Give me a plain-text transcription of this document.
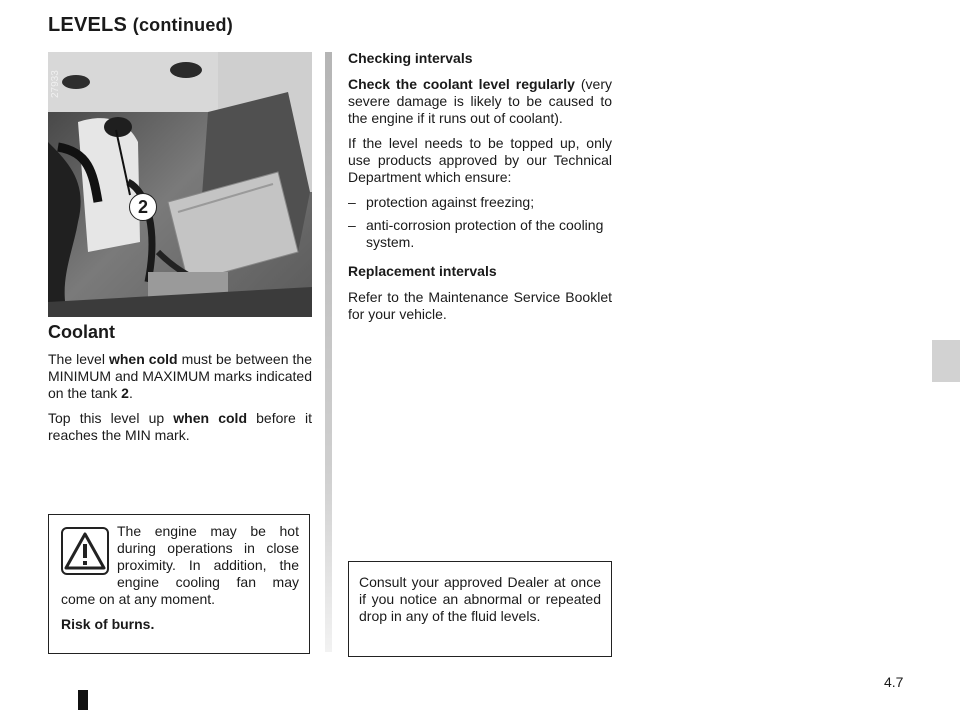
LEVELS (continued)
27933
2
Coolant

The level when cold must be between the MINIMUM and MAXIMUM marks indicated on the tank 2.

Top this level up when cold before it reaches the MIN mark.

The engine may be hot during operations in close proximity. In addition, the engine cooling fan may come on at any moment.

Risk of burns.

Checking intervals

Check the coolant level regularly (very severe damage is likely to be caused to the engine if it runs out of coolant).

If the level needs to be topped up, only use products approved by our Technical Department which ensure:

– protection against freezing;
– anti-corrosion protection of the cooling system.

Replacement intervals

Refer to the Maintenance Service Booklet for your vehicle.

Consult your approved Dealer at once if you notice an abnormal or repeated drop in any of the fluid levels.

4.7
